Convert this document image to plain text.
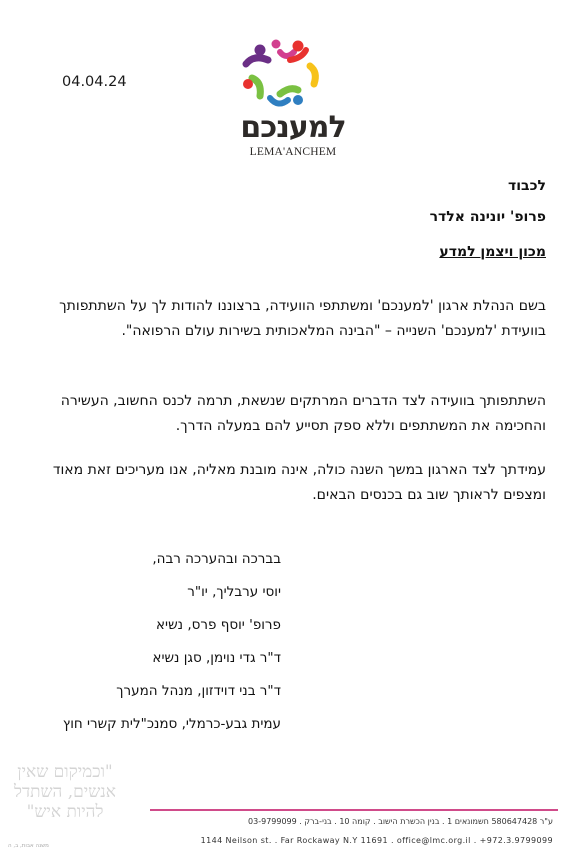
04.04.24
למענכם
LEMA'ANCHEM
לכבוד
פרופ' יונינה אלדר
מכון ויצמן למדע
בשם הנהלת ארגון 'למענכם' ומשתתפי הוועידה, ברצוננו להודות לך על השתתפותך בוועידת 'למענכם' השנייה – "הבינה המלאכותית בשירות עולם הרפואה".
השתתפותך בוועידה לצד הדברים המרתקים שנשאת, תרמה לכנס החשוב, העשירה והחכימה את המשתתפים וללא ספק תסייע להם במעלה הדרך.
עמידתך לצד הארגון במשך השנה כולה, אינה מובנת מאליה, אנו מעריכים זאת מאוד ומצפים לראותך שוב גם בכנסים הבאים.
בברכה ובהערכה רבה,
יוסי ערבליך, יו"ר
פרופ' יוסף פרס, נשיא
ד"ר גדי נוימן, סגן נשיא
ד"ר בני דוידזון, מנהל המערך
עמית גבע-כרמלי, סמנכ"לית קשרי חוץ
"וכמיקום שאין אנשים, השתדל להיות איש"
משנה אבות, ב, ה
ע"ר 580647428 חשמונאים 1 . בנין הכשרת הישוב . קומה 10 . בני-ברק . 03-9799099
1144 Neilson st. . Far Rockaway N.Y 11691 . office@lmc.org.il . +972.3.9799099
